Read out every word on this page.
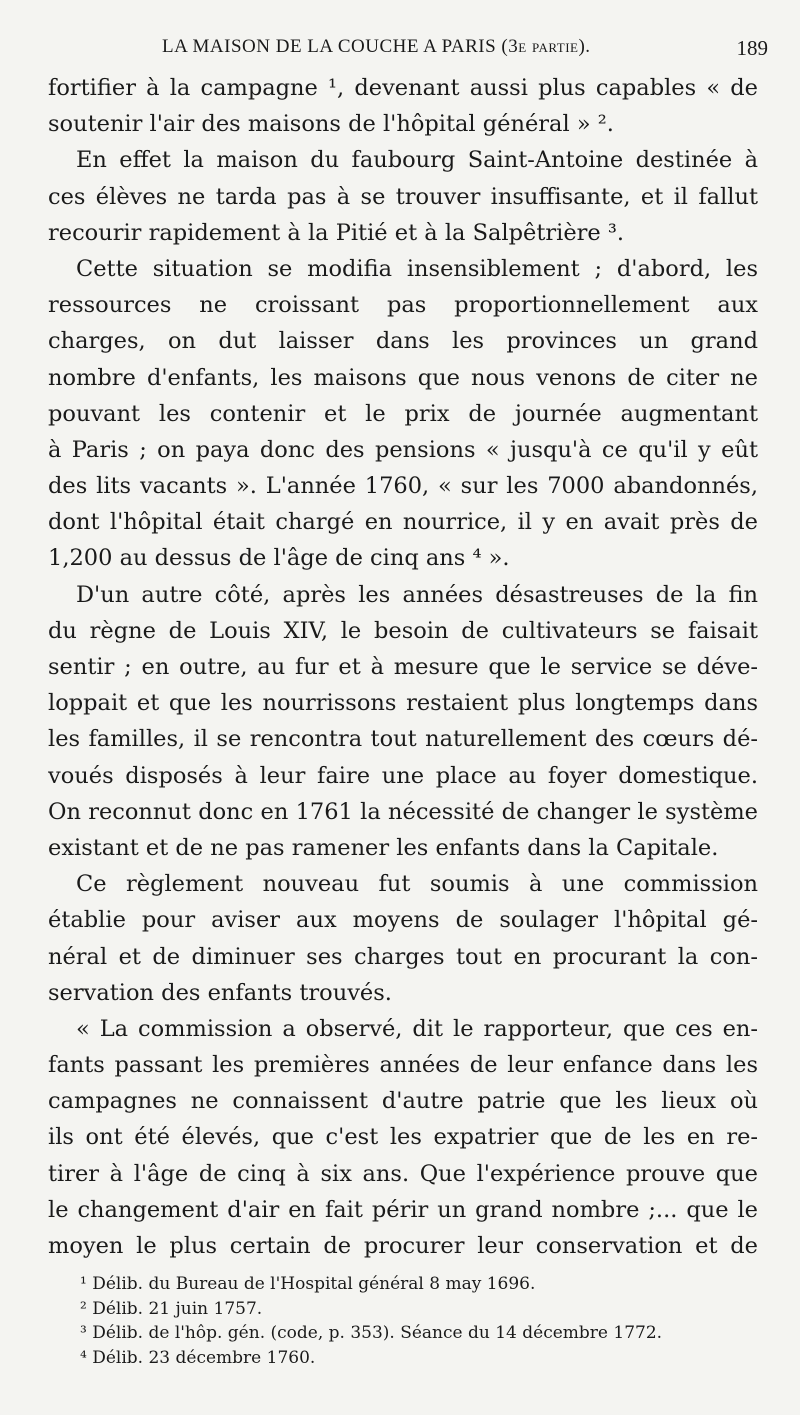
LA MAISON DE LA COUCHE A PARIS (3e partie).	189
fortifier à la campagne ¹, devenant aussi plus capables « de
soutenir l'air des maisons de l'hôpital général » ².
En effet la maison du faubourg Saint-Antoine destinée à
ces élèves ne tarda pas à se trouver insuffisante, et il fallut
recourir rapidement à la Pitié et à la Salpêtrière ³.
Cette situation se modifia insensiblement ; d'abord, les
ressources ne croissant pas proportionnellement aux
charges, on dut laisser dans les provinces un grand
nombre d'enfants, les maisons que nous venons de citer ne
pouvant les contenir et le prix de journée augmentant
à Paris ; on paya donc des pensions « jusqu'à ce qu'il y eût
des lits vacants ». L'année 1760, « sur les 7000 abandonnés,
dont l'hôpital était chargé en nourrice, il y en avait près de
1,200 au dessus de l'âge de cinq ans ⁴ ».
D'un autre côté, après les années désastreuses de la fin
du règne de Louis XIV, le besoin de cultivateurs se faisait
sentir ; en outre, au fur et à mesure que le service se déve-
loppait et que les nourrissons restaient plus longtemps dans
les familles, il se rencontra tout naturellement des cœurs dé-
voués disposés à leur faire une place au foyer domestique.
On reconnut donc en 1761 la nécessité de changer le système
existant et de ne pas ramener les enfants dans la Capitale.
Ce règlement nouveau fut soumis à une commission
établie pour aviser aux moyens de soulager l'hôpital gé-
néral et de diminuer ses charges tout en procurant la con-
servation des enfants trouvés.
« La commission a observé, dit le rapporteur, que ces en-
fants passant les premières années de leur enfance dans les
campagnes ne connaissent d'autre patrie que les lieux où
ils ont été élevés, que c'est les expatrier que de les en re-
tirer à l'âge de cinq à six ans. Que l'expérience prouve que
le changement d'air en fait périr un grand nombre ;... que le
moyen le plus certain de procurer leur conservation et de
¹ Délib. du Bureau de l'Hospital général 8 may 1696.
² Délib. 21 juin 1757.
³ Délib. de l'hôp. gén. (code, p. 353). Séance du 14 décembre 1772.
⁴ Délib. 23 décembre 1760.
